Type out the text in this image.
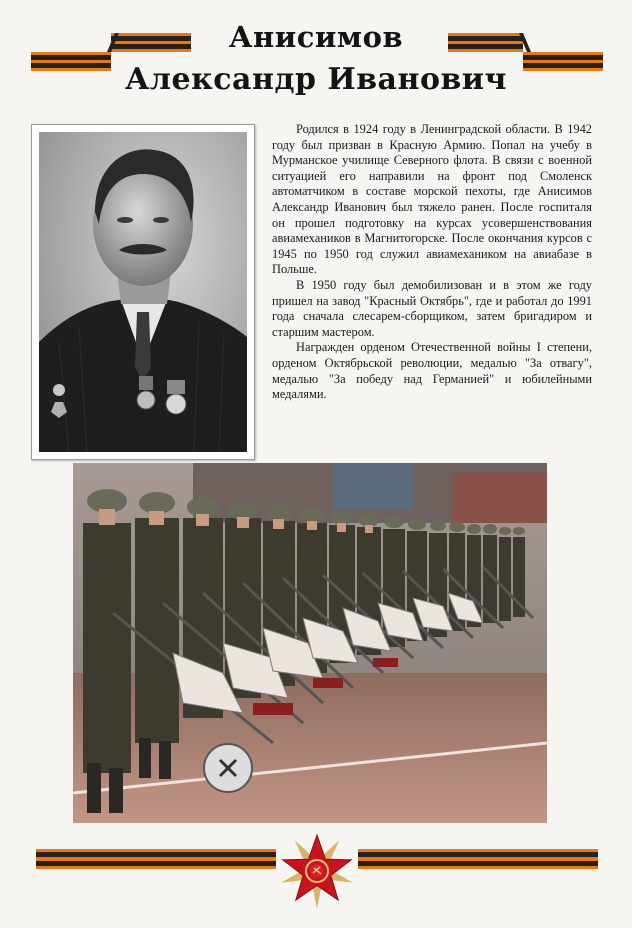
Анисимов
Александр Иванович

Родился в 1924 году в Ленинградской области. В 1942 году был призван в Красную Армию. Попал на учебу в Мурманское училище Северного флота. В связи с военной ситуацией его направили на фронт под Смоленск автоматчиком в составе морской пехоты, где Анисимов Александр Иванович был тяжело ранен. После госпиталя он прошел подготовку на курсах усовершенствования авиамехаников в Магнитогорске. После окончания курсов с 1945 по 1950 год служил авиамехаником на авиабазе в Польше.

В 1950 году был демобилизован и в этом же году пришел на завод "Красный Октябрь", где и работал до 1991 года сначала слесарем-сборщиком, затем бригадиром и старшим мастером.

Награжден орденом Отечественной войны I степени, орденом Октябрьской революции, медалью "За отвагу", медалью "За победу над Германией" и юбилейными медалями.
